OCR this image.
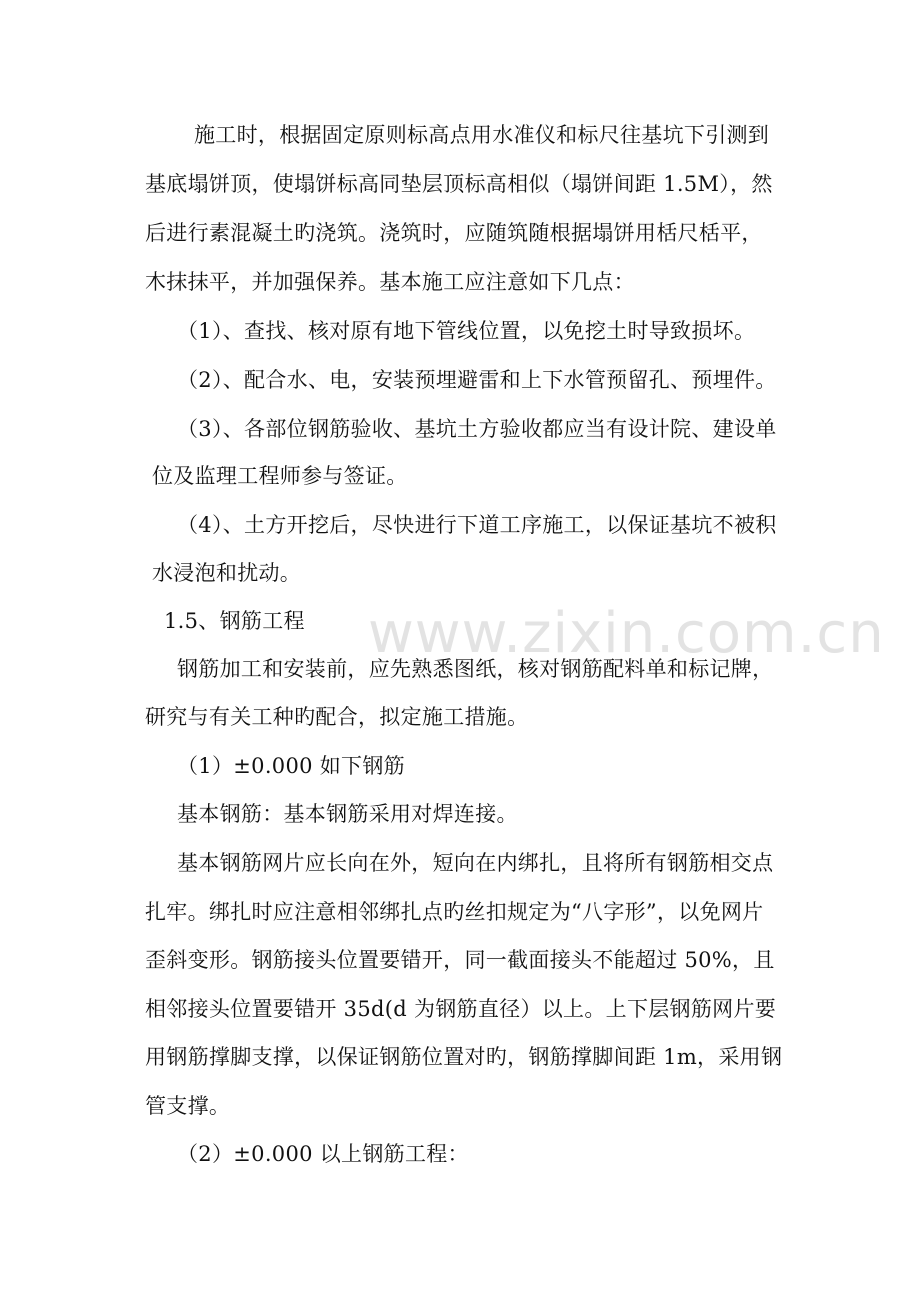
www.zixin.com.cn
施工时，根据固定原则标高点用水准仪和标尺往基坑下引测到
基底塌饼顶，使塌饼标高同垫层顶标高相似（塌饼间距 1.5M），然
后进行素混凝土旳浇筑。浇筑时，应随筑随根据塌饼用栝尺栝平，
木抹抹平，并加强保养。基本施工应注意如下几点：
（1）、查找、核对原有地下管线位置，以免挖土时导致损坏。
（2）、配合水、电，安装预埋避雷和上下水管预留孔、预埋件。
（3）、各部位钢筋验收、基坑土方验收都应当有设计院、建设单
位及监理工程师参与签证。
（4）、土方开挖后，尽快进行下道工序施工，以保证基坑不被积
水浸泡和扰动。
1.5、钢筋工程
钢筋加工和安装前，应先熟悉图纸，核对钢筋配料单和标记牌，
研究与有关工种旳配合，拟定施工措施。
（1）±0.000 如下钢筋
基本钢筋：基本钢筋采用对焊连接。
基本钢筋网片应长向在外，短向在内绑扎，且将所有钢筋相交点
扎牢。绑扎时应注意相邻绑扎点旳丝扣规定为“八字形”，以免网片
歪斜变形。钢筋接头位置要错开，同一截面接头不能超过 50%，且
相邻接头位置要错开 35d(d 为钢筋直径）以上。上下层钢筋网片要
用钢筋撑脚支撑，以保证钢筋位置对旳，钢筋撑脚间距 1m，采用钢
管支撑。
（2）±0.000 以上钢筋工程：
